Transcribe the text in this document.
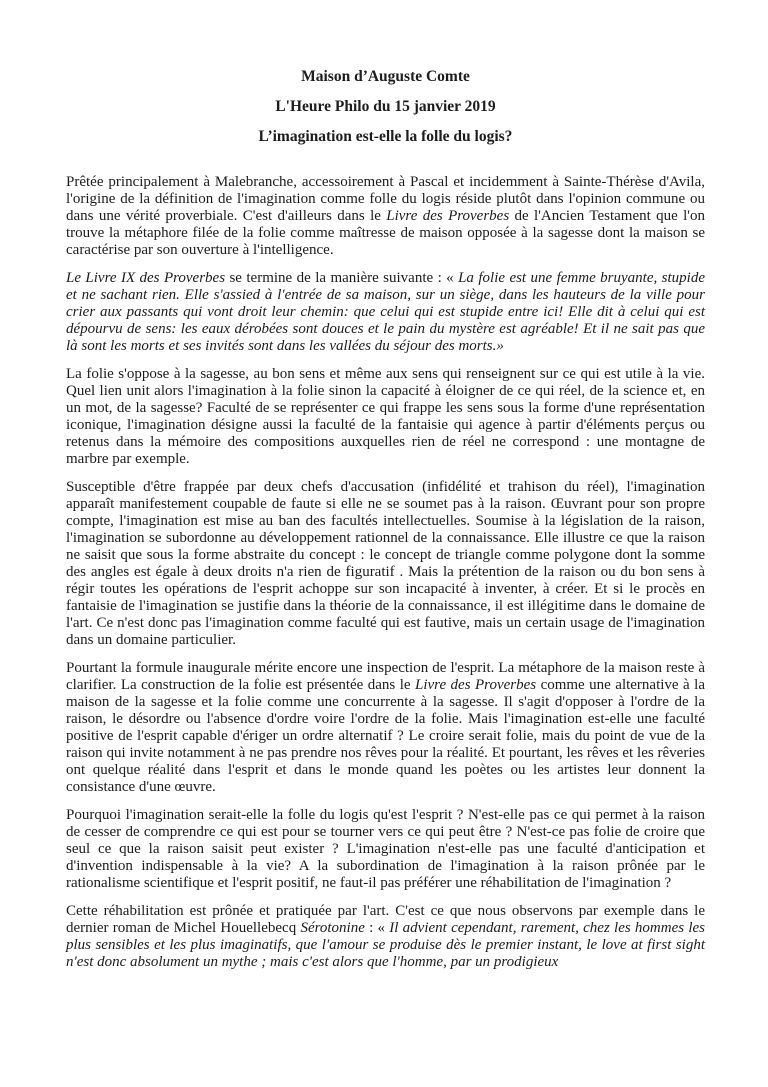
Maison d’Auguste Comte
L'Heure Philo du 15 janvier 2019
L’imagination est-elle la folle du logis?

Prêtée principalement à Malebranche, accessoirement à Pascal et incidemment à Sainte-Thérèse d'Avila, l'origine de la définition de l'imagination comme folle du logis réside plutôt dans l'opinion commune ou dans une vérité proverbiale. C'est d'ailleurs dans le Livre des Proverbes de l'Ancien Testament que l'on trouve la métaphore filée de la folie comme maîtresse de maison opposée à la sagesse dont la maison se caractérise par son ouverture à l'intelligence.

Le Livre IX des Proverbes se termine de la manière suivante : « La folie est une femme bruyante, stupide et ne sachant rien. Elle s'assied à l'entrée de sa maison, sur un siège, dans les hauteurs de la ville pour crier aux passants qui vont droit leur chemin: que celui qui est stupide entre ici! Elle dit à celui qui est dépourvu de sens: les eaux dérobées sont douces et le pain du mystère est agréable! Et il ne sait pas que là sont les morts et ses invités sont dans les vallées du séjour des morts.»

La folie s'oppose à la sagesse, au bon sens et même aux sens qui renseignent sur ce qui est utile à la vie. Quel lien unit alors l'imagination à la folie sinon la capacité à éloigner de ce qui réel, de la science et, en un mot, de la sagesse? Faculté de se représenter ce qui frappe les sens sous la forme d'une représentation iconique, l'imagination désigne aussi la faculté de la fantaisie qui agence à partir d'éléments perçus ou retenus dans la mémoire des compositions auxquelles rien de réel ne correspond : une montagne de marbre par exemple.

Susceptible d'être frappée par deux chefs d'accusation (infidélité et trahison du réel), l'imagination apparaît manifestement coupable de faute si elle ne se soumet pas à la raison. Œuvrant pour son propre compte, l'imagination est mise au ban des facultés intellectuelles. Soumise à la législation de la raison, l'imagination se subordonne au développement rationnel de la connaissance. Elle illustre ce que la raison ne saisit que sous la forme abstraite du concept : le concept de triangle comme polygone dont la somme des angles est égale à deux droits n'a rien de figuratif . Mais la prétention de la raison ou du bon sens à régir toutes les opérations de l'esprit achoppe sur son incapacité à inventer, à créer. Et si le procès en fantaisie de l'imagination se justifie dans la théorie de la connaissance, il est illégitime dans le domaine de l'art. Ce n'est donc pas l'imagination comme faculté qui est fautive, mais un certain usage de l'imagination dans un domaine particulier.

Pourtant la formule inaugurale mérite encore une inspection de l'esprit. La métaphore de la maison reste à clarifier. La construction de la folie est présentée dans le Livre des Proverbes comme une alternative à la maison de la sagesse et la folie comme une concurrente à la sagesse. Il s'agit d'opposer à l'ordre de la raison, le désordre ou l'absence d'ordre voire l'ordre de la folie. Mais l'imagination est-elle une faculté positive de l'esprit capable d'ériger un ordre alternatif ? Le croire serait folie, mais du point de vue de la raison qui invite notamment à ne pas prendre nos rêves pour la réalité. Et pourtant, les rêves et les rêveries ont quelque réalité dans l'esprit et dans le monde quand les poètes ou les artistes leur donnent la consistance d'une œuvre.

Pourquoi l'imagination serait-elle la folle du logis qu'est l'esprit ? N'est-elle pas ce qui permet à la raison de cesser de comprendre ce qui est pour se tourner vers ce qui peut être ? N'est-ce pas folie de croire que seul ce que la raison saisit peut exister ? L'imagination n'est-elle pas une faculté d'anticipation et d'invention indispensable à la vie? A la subordination de l'imagination à la raison prônée par le rationalisme scientifique et l'esprit positif, ne faut-il pas préférer une réhabilitation de l'imagination ?

Cette réhabilitation est prônée et pratiquée par l'art. C'est ce que nous observons par exemple dans le dernier roman de Michel Houellebecq Sérotonine : « Il advient cependant, rarement, chez les hommes les plus sensibles et les plus imaginatifs, que l'amour se produise dès le premier instant, le love at first sight n'est donc absolument un mythe ; mais c'est alors que l'homme, par un prodigieux
